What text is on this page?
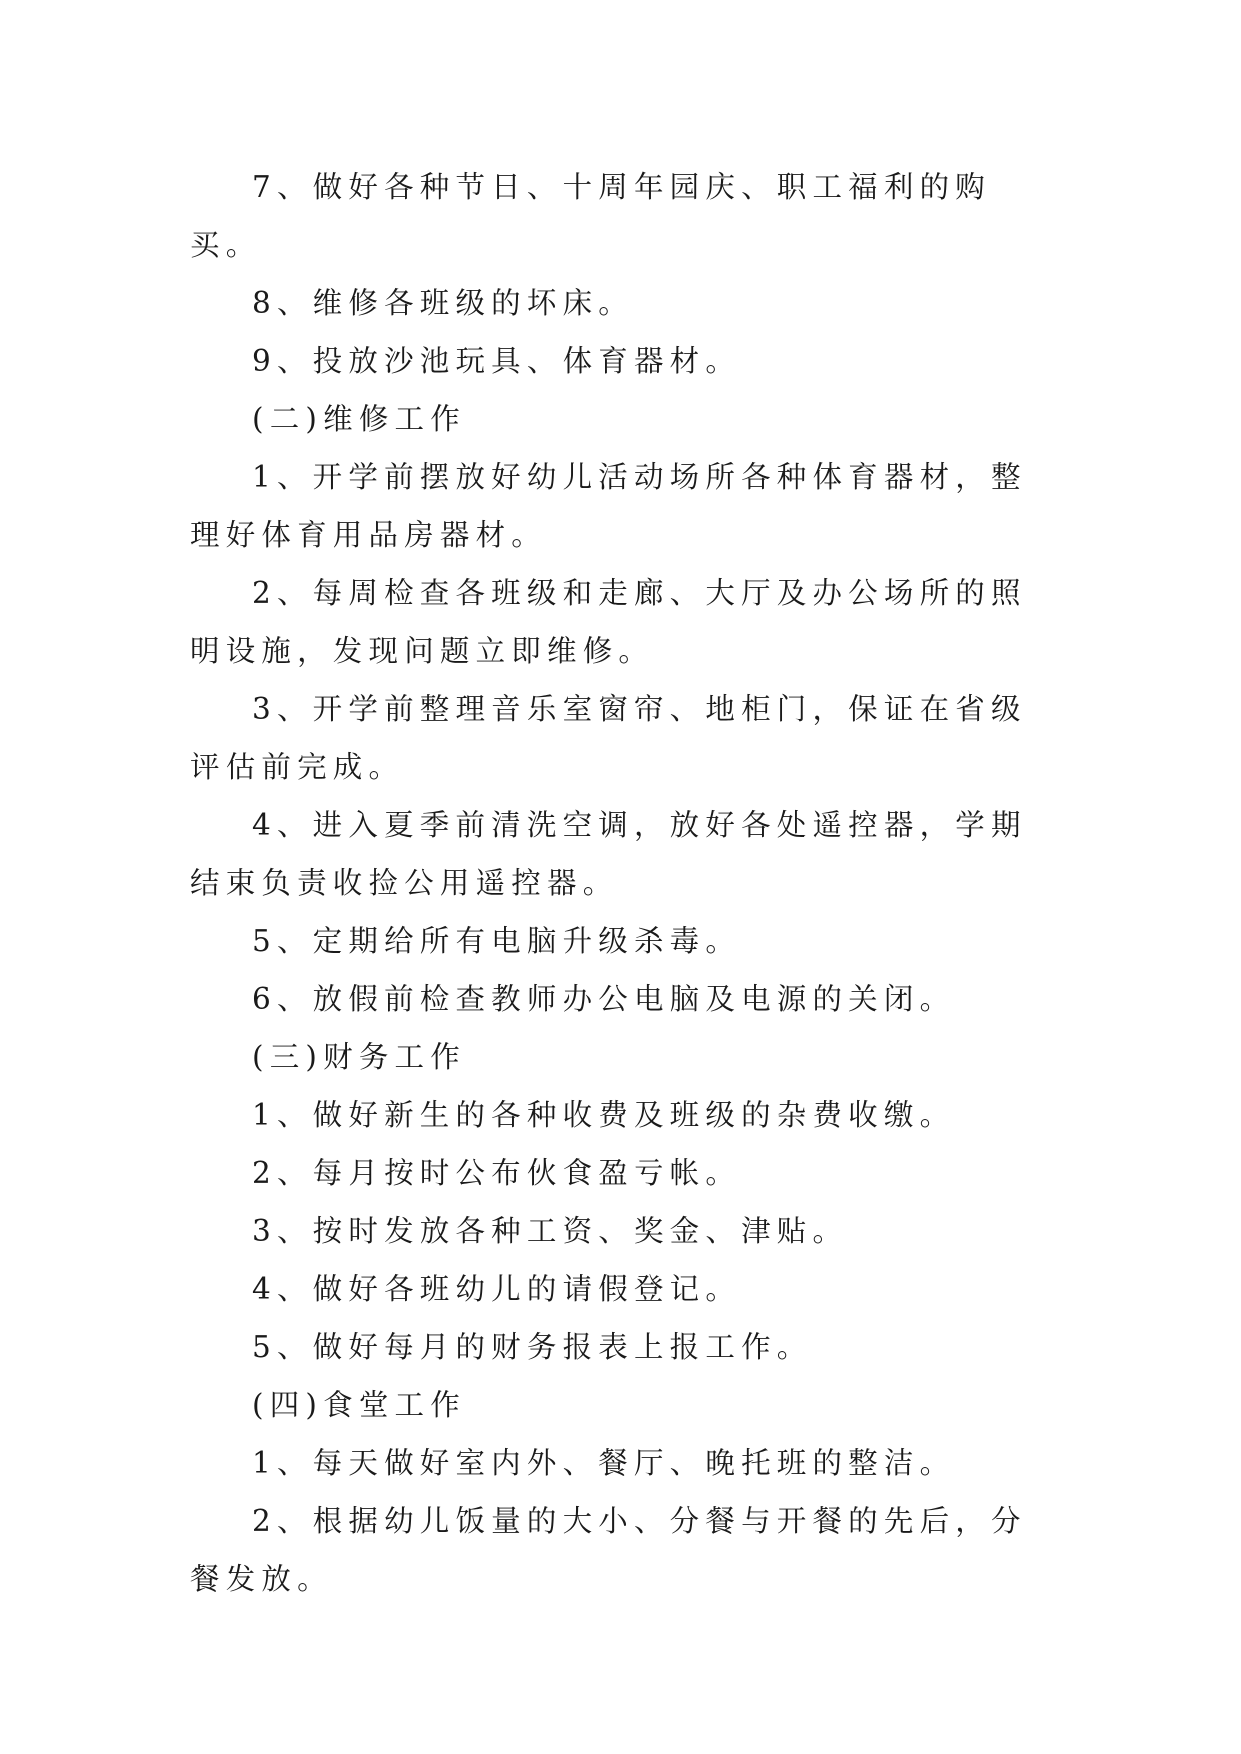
7、做好各种节日、十周年园庆、职工福利的购买。

8、维修各班级的坏床。

9、投放沙池玩具、体育器材。

(二)维修工作

1、开学前摆放好幼儿活动场所各种体育器材，整理好体育用品房器材。

2、每周检查各班级和走廊、大厅及办公场所的照明设施，发现问题立即维修。

3、开学前整理音乐室窗帘、地柜门，保证在省级评估前完成。

4、进入夏季前清洗空调，放好各处遥控器，学期结束负责收捡公用遥控器。

5、定期给所有电脑升级杀毒。

6、放假前检查教师办公电脑及电源的关闭。

(三)财务工作

1、做好新生的各种收费及班级的杂费收缴。

2、每月按时公布伙食盈亏帐。

3、按时发放各种工资、奖金、津贴。

4、做好各班幼儿的请假登记。

5、做好每月的财务报表上报工作。

(四)食堂工作

1、每天做好室内外、餐厅、晚托班的整洁。

2、根据幼儿饭量的大小、分餐与开餐的先后，分餐发放。
